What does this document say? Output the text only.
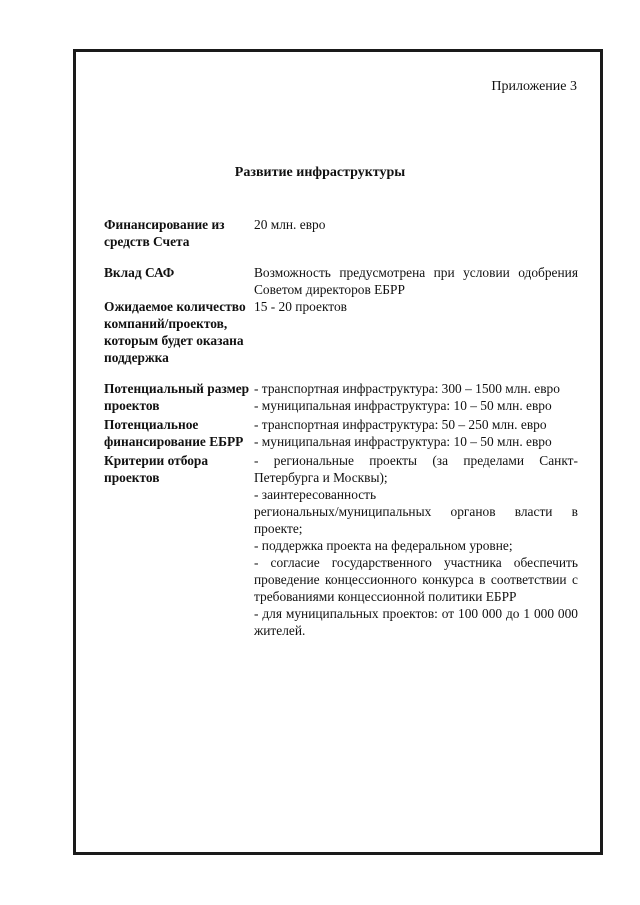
Приложение 3
Развитие инфраструктуры
Финансирование из средств Счета

20 млн. евро

Вклад САФ	Возможность предусмотрена при условии одобрения Советом директоров ЕБРР

Ожидаемое количество компаний/проектов, которым будет оказана поддержка

15 - 20 проектов

Потенциальный размер проектов

- транспортная инфраструктура: 300 – 1500 млн. евро

- муниципальная инфраструктура: 10 – 50 млн. евро

Потенциальное финансирование ЕБРР

- транспортная инфраструктура: 50 – 250 млн. евро

- муниципальная инфраструктура: 10 – 50 млн. евро

Критерии отбора проектов

- региональные проекты (за пределами Санкт-Петербурга и Москвы);

- заинтересованность

региональных/муниципальных органов власти в проекте;

- поддержка проекта на федеральном уровне;

- согласие государственного участника обеспечить проведение концессионного конкурса в соответствии с требованиями концессионной политики ЕБРР

- для муниципальных проектов: от 100 000 до 1 000 000 жителей.
